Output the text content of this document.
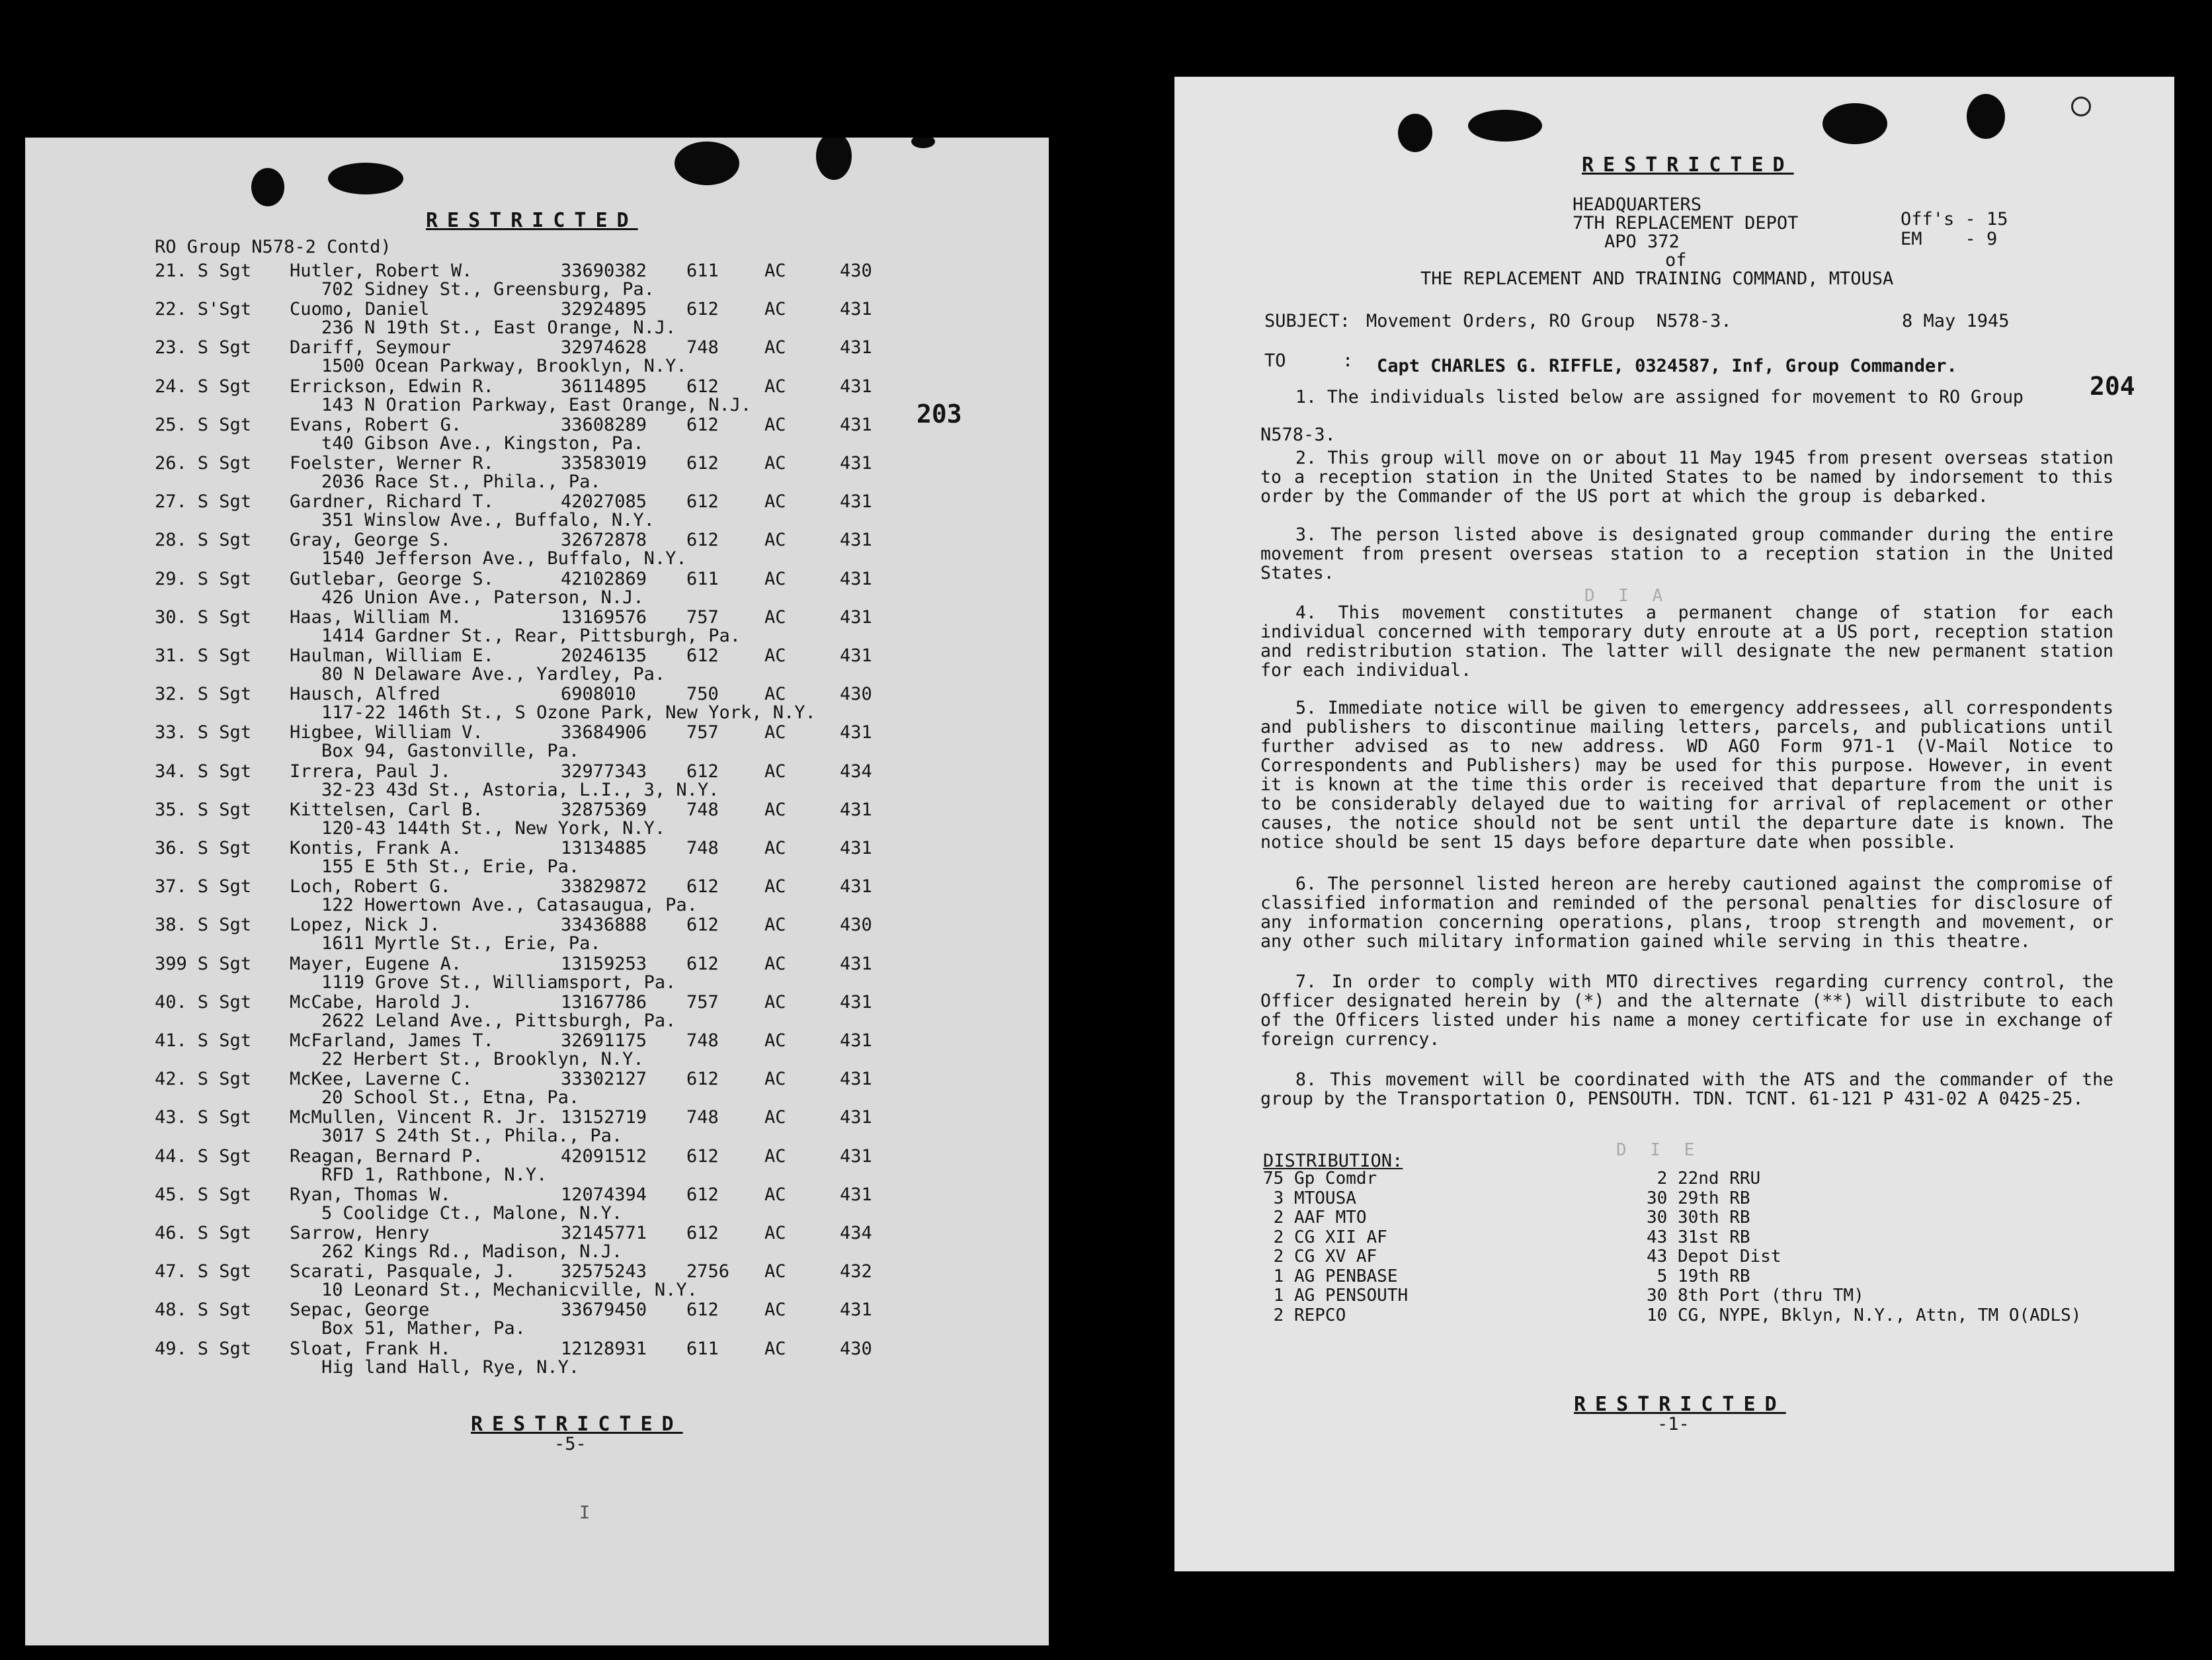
RESTRICTED
RO Group N578-2 Contd)
203
21. S Sgt Hutler, Robert W.	33690382 611	AC	430
702 Sidney St., Greensburg, Pa.
22. S'Sgt Cuomo, Daniel	32924895 612	AC	431
236 N 19th St., East Orange, N.J.
23. S Sgt Dariff, Seymour	32974628 748	AC	431
1500 Ocean Parkway, Brooklyn, N.Y.
24. S Sgt Errickson, Edwin R.	36114895 612	AC	431
143 N Oration Parkway, East Orange, N.J.
25. S Sgt Evans, Robert G.	33608289 612	AC	431
t40 Gibson Ave., Kingston, Pa.
26. S Sgt Foelster, Werner R.	33583019 612	AC	431
2036 Race St., Phila., Pa.
27. S Sgt Gardner, Richard T.	42027085 612	AC	431
351 Winslow Ave., Buffalo, N.Y.
28. S Sgt Gray, George S.	32672878 612	AC	431
1540 Jefferson Ave., Buffalo, N.Y.
29. S Sgt Gutlebar, George S.	42102869 611	AC	431
426 Union Ave., Paterson, N.J.
30. S Sgt Haas, William M.	13169576 757	AC	431
1414 Gardner St., Rear, Pittsburgh, Pa.
31. S Sgt Haulman, William E.	20246135 612	AC	431
80 N Delaware Ave., Yardley, Pa.
32. S Sgt Hausch, Alfred	6908010	750	AC	430
117-22 146th St., S Ozone Park, New York, N.Y.
33. S Sgt Higbee, William V.	33684906 757	AC	431
Box 94, Gastonville, Pa.
34. S Sgt Irrera, Paul J.	32977343 612	AC	434
32-23 43d St., Astoria, L.I., 3, N.Y.
35. S Sgt Kittelsen, Carl B.	32875369 748	AC	431
120-43 144th St., New York, N.Y.
36. S Sgt Kontis, Frank A.	13134885 748	AC	431
155 E 5th St., Erie, Pa.
37. S Sgt Loch, Robert G.	33829872 612	AC	431
122 Howertown Ave., Catasaugua, Pa.
38. S Sgt Lopez, Nick J.	33436888 612	AC	430
1611 Myrtle St., Erie, Pa.
399 S Sgt Mayer, Eugene A.	13159253 612	AC	431
1119 Grove St., Williamsport, Pa.
40. S Sgt McCabe, Harold J.	13167786 757	AC	431
2622 Leland Ave., Pittsburgh, Pa.
41. S Sgt McFarland, James T.	32691175 748	AC	431
22 Herbert St., Brooklyn, N.Y.
42. S Sgt McKee, Laverne C.	33302127 612	AC	431
20 School St., Etna, Pa.
43. S Sgt McMullen, Vincent R. Jr. 13152719 748	AC	431
3017 S 24th St., Phila., Pa.
44. S Sgt Reagan, Bernard P.	42091512 612	AC	431
RFD 1, Rathbone, N.Y.
45. S Sgt Ryan, Thomas W.	12074394 612	AC	431
5 Coolidge Ct., Malone, N.Y.
46. S Sgt Sarrow, Henry	32145771 612	AC	434
262 Kings Rd., Madison, N.J.
47. S Sgt Scarati, Pasquale, J.	32575243 2756 AC	432
10 Leonard St., Mechanicville, N.Y.
48. S Sgt Sepac, George	33679450 612	AC	431
Box 51, Mather, Pa.
49. S Sgt Sloat, Frank H.	12128931 611	AC	430
Hig land Hall, Rye, N.Y.
RESTRICTED
-5-
I
RESTRICTED
HEADQUARTERS
7TH REPLACEMENT DEPOT
APO 372
of
THE REPLACEMENT AND TRAINING COMMAND, MTOUSA
Off's - 15
EM    - 9
SUBJECT: Movement Orders, RO Group  N578-3.	8 May 1945
TO	: Capt CHARLES G. RIFFLE, 0324587, Inf, Group Commander.
204

1. The individuals listed below are assigned for movement to RO Group

N578-3.

2. This group will move on or about 11 May 1945 from present overseas station to a reception station in the United States to be named by indorsement to this order by the Commander of the US port at which the group is debarked.

3. The person listed above is designated group commander during the entire movement from present overseas station to a reception station in the United States.

D I A

4. This movement constitutes a permanent change of station for each individual concerned with temporary duty enroute at a US port, reception station and redistribution station. The latter will designate the new permanent station for each individual.

5. Immediate notice will be given to emergency addressees, all correspondents and publishers to discontinue mailing letters, parcels, and publications until further advised as to new address. WD AGO Form 971-1 (V-Mail Notice to Correspondents and Publishers) may be used for this purpose. However, in event it is known at the time this order is received that departure from the unit is to be considerably delayed due to waiting for arrival of replacement or other causes, the notice should not be sent until the departure date is known. The notice should be sent 15 days before departure date when possible.

6. The personnel listed hereon are hereby cautioned against the compromise of classified information and reminded of the personal penalties for disclosure of any information concerning operations, plans, troop strength and movement, or any other such military information gained while serving in this theatre.

7. In order to comply with MTO directives regarding currency control, the Officer designated herein by (*) and the alternate (**) will distribute to each of the Officers listed under his name a money certificate for use in exchange of foreign currency.

8. This movement will be coordinated with the ATS and the commander of the group by the Transportation O, PENSOUTH. TDN. TCNT. 61-121 P 431-02 A 0425-25.

DISTRIBUTION:
D I E
75 Gp Comdr
3 MTOUSA
2 AAF MTO
2 CG XII AF
2 CG XV AF
1 AG PENBASE
1 AG PENSOUTH
2 REPCO
2 22nd RRU
30 29th RB
30 30th RB
43 31st RB
43 Depot Dist
5 19th RB
30 8th Port (thru TM)
10 CG, NYPE, Bklyn, N.Y., Attn, TM O(ADLS)
RESTRICTED
-1-
